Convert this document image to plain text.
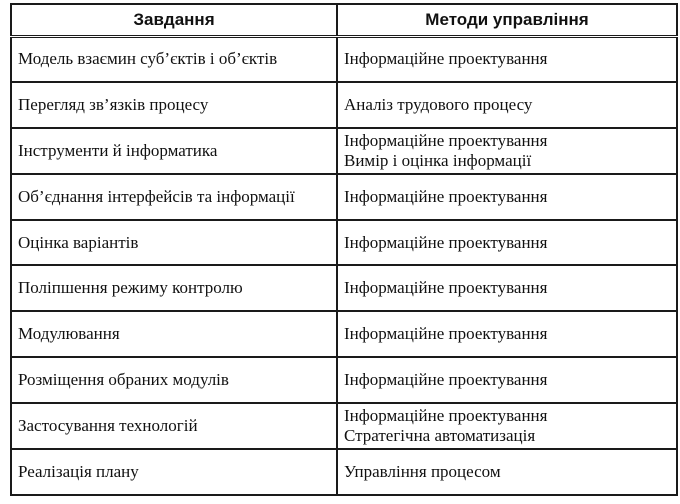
Завдання	Методи управління
Модель взаємин суб’єктів і об’єктів	Інформаційне проектування

Перегляд зв’язків процесу	Аналіз трудового процесу

Інструменти й інформатика	Інформаційне проектування
Вимір і оцінка інформації

Об’єднання інтерфейсів та інформації	Інформаційне проектування

Оцінка варіантів	Інформаційне проектування

Поліпшення режиму контролю	Інформаційне проектування

Модулювання	Інформаційне проектування

Розміщення обраних модулів	Інформаційне проектування

Застосування технологій	Інформаційне проектування
Стратегічна автоматизація

Реалізація плану	Управління процесом
